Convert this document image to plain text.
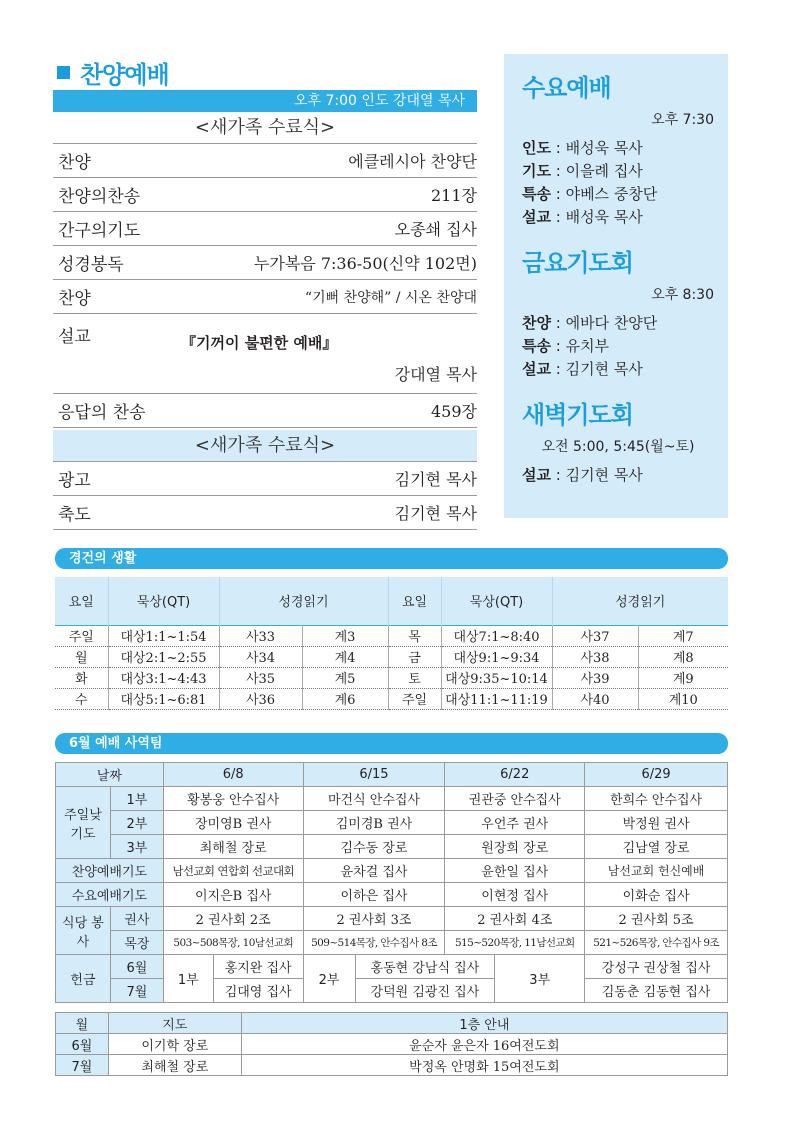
찬양예배
오후 7:00 인도 강대열 목사
<새가족 수료식>
찬양	에클레시아 찬양단
찬양의찬송	211장
간구의기도	오종쇄 집사
성경봉독	누가복음 7:36-50(신약 102면)
찬양	“기뻐 찬양해” / 시온 찬양대
설교	『기꺼이 불편한 예배』
강대열 목사
응답의 찬송	459장
<새가족 수료식>
광고	김기현 목사
축도	김기현 목사
수요예배
오후 7:30
인도 : 배성욱 목사
기도 : 이을례 집사
특송 : 야베스 중창단
설교 : 배성욱 목사
금요기도회
오후 8:30
찬양 : 에바다 찬양단
특송 : 유치부
설교 : 김기현 목사
새벽기도회
오전 5:00, 5:45(월~토)
설교 : 김기현 목사
경건의 생활
요일	묵상(QT)	성경읽기		요일	묵상(QT)	성경읽기	
주일	대상1:1~1:54	사33	계3	목	대상7:1~8:40	사37	계7
월	대상2:1~2:55	사34	계4	금	대상9:1~9:34	사38	계8
화	대상3:1~4:43	사35	계5	토	대상9:35~10:14	사39	계9
수	대상5:1~6:81	사36	계6	주일	대상11:1~11:19	사40	계10
6월 예배 사역팀
날짜		6/8		6/15		6/22		6/29
주일낮 기도	1부	황봉웅 안수집사		마건식 안수집사		권관중 안수집사		한희수 안수집사
	2부	장미영B 권사		김미경B 권사		우언주 권사		박정원 권사
	3부	최해철 장로		김수동 장로		원장희 장로		김남열 장로
찬양예배기도		남선교회 연합회 선교대회		윤차걸 집사		윤한일 집사		남선교회 헌신예배
수요예배기도		이지은B 집사		이하은 집사		이현정 집사		이화순 집사
식당 봉사	권사	2 권사회 2조		2 권사회 3조		2 권사회 4조		2 권사회 5조
	목장	503~508목장, 10남선교회		509~514목장, 안수집사 8조		515~520목장, 11남선교회		521~526목장, 안수집사 9조
헌금	6월	1부	홍지완 집사	2부	홍동현 강남식 집사		3부	강성구 권상철 집사
	7월		김대영 집사		강덕원 김광진 집사			김동춘 김동현 집사
월	지도	1층 안내
6월	이기학 장로	윤순자 윤은자 16여전도회
7월	최해철 장로	박정옥 안명화 15여전도회
